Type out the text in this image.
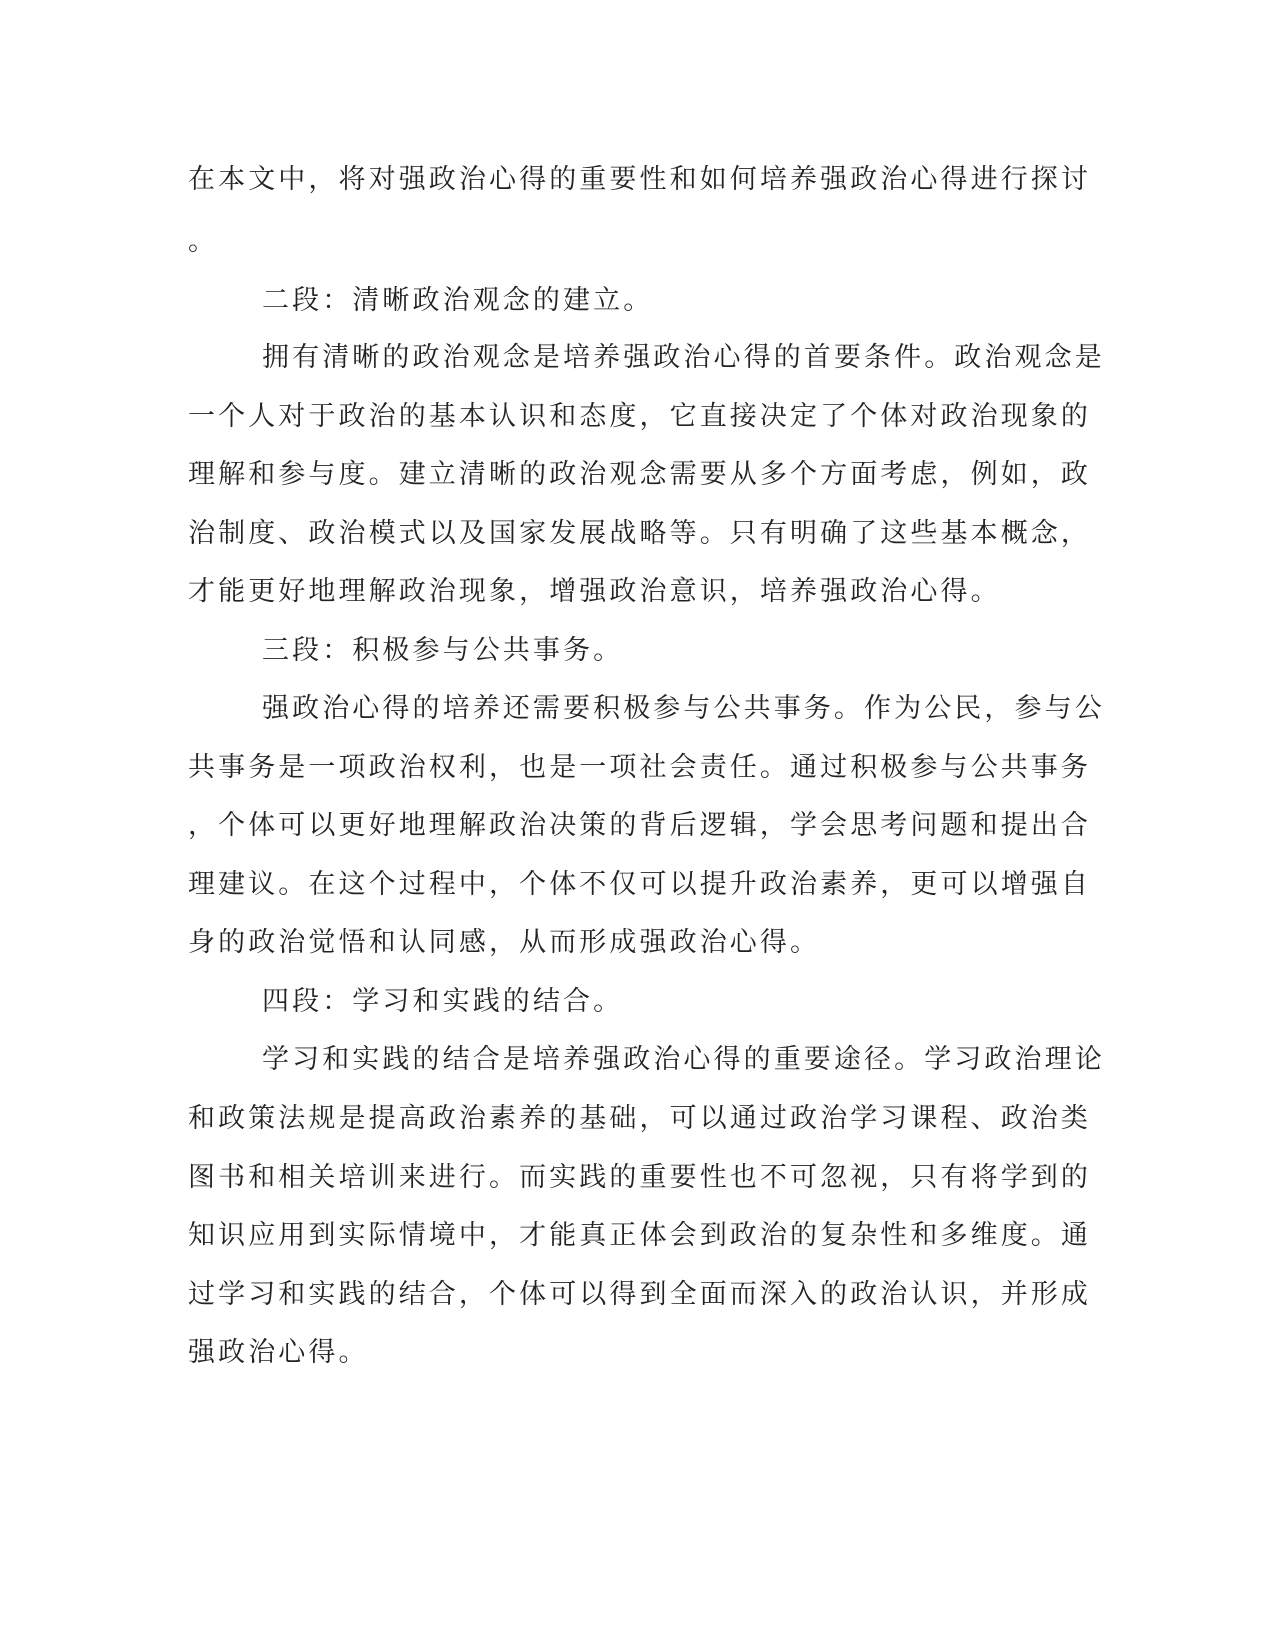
在本文中，将对强政治心得的重要性和如何培养强政治心得进行探讨
。
二段：清晰政治观念的建立。
拥有清晰的政治观念是培养强政治心得的首要条件。政治观念是
一个人对于政治的基本认识和态度，它直接决定了个体对政治现象的
理解和参与度。建立清晰的政治观念需要从多个方面考虑，例如，政
治制度、政治模式以及国家发展战略等。只有明确了这些基本概念，
才能更好地理解政治现象，增强政治意识，培养强政治心得。
三段：积极参与公共事务。
强政治心得的培养还需要积极参与公共事务。作为公民，参与公
共事务是一项政治权利，也是一项社会责任。通过积极参与公共事务
，个体可以更好地理解政治决策的背后逻辑，学会思考问题和提出合
理建议。在这个过程中，个体不仅可以提升政治素养，更可以增强自
身的政治觉悟和认同感，从而形成强政治心得。
四段：学习和实践的结合。
学习和实践的结合是培养强政治心得的重要途径。学习政治理论
和政策法规是提高政治素养的基础，可以通过政治学习课程、政治类
图书和相关培训来进行。而实践的重要性也不可忽视，只有将学到的
知识应用到实际情境中，才能真正体会到政治的复杂性和多维度。通
过学习和实践的结合，个体可以得到全面而深入的政治认识，并形成
强政治心得。
